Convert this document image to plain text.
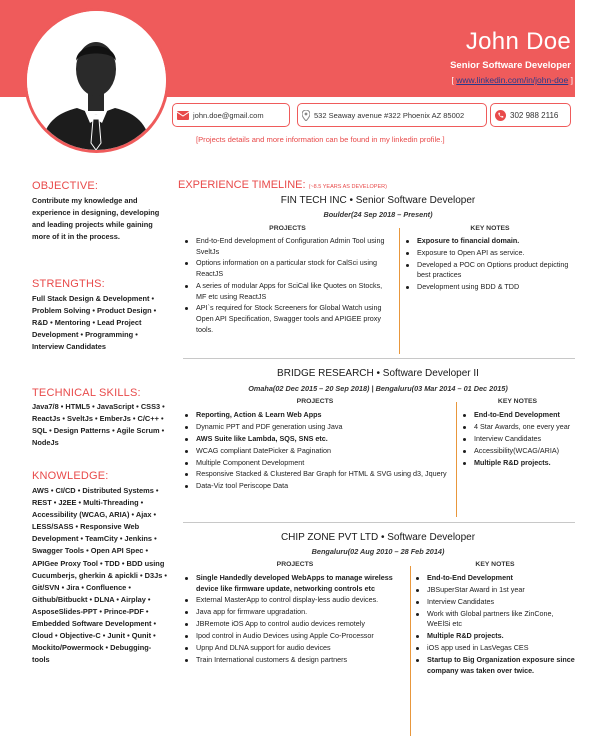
John Doe
Senior Software Developer
[ www.linkedin.com/in/john-doe ]
john.doe@gmail.com	532 Seaway avenue #322 Phoenix AZ 85002	302 988 2116
[Projects details and more information can be found in my linkedin profile.]
OBJECTIVE:
Contribute my knowledge and experience in designing, developing and leading projects while gaining more of it in the process.
STRENGTHS:
Full Stack Design & Development • Problem Solving • Product Design • R&D • Mentoring • Lead Project Development • Programming • Interview Candidates
TECHNICAL SKILLS:
Java7/8 • HTML5 • JavaScript • CSS3 • ReactJs • SveltJs • EmberJs • C/C++ • SQL • Design Patterns • Agile Scrum • NodeJs
KNOWLEDGE:
AWS • CI/CD • Distributed Systems • REST • J2EE • Multi-Threading • Accessibility (WCAG, ARIA) • Ajax • LESS/SASS • Responsive Web Development • TeamCity • Jenkins • Swagger Tools • Open API Spec • APIGee Proxy Tool • TDD • BDD using Cucumberjs, gherkin & apickli • D3Js • Git/SVN • Jira • Confluence • Github/Bitbuckt • DLNA • Airplay • AsposeSlides-PPT • Prince-PDF • Embedded Software Development • Cloud • Objective-C • Junit • Qunit • Mockito/Powermock • Debugging-tools
EXPERIENCE TIMELINE: (~8.5 YEARS AS DEVELOPER)
FIN TECH INC • Senior Software Developer
Boulder(24 Sep 2018 – Present)
PROJECTS	KEY NOTES
End-to-End development of Configuration Admin Tool using SveltJs
Options information on a particular stock for CalSci using ReactJS
A series of modular Apps for SciCal like Quotes on Stocks, MF etc using ReactJS
API`s required for Stock Screeners for Global Watch using Open API Specification, Swagger tools and APIGEE proxy tools.
Exposure to financial domain.
Exposure to Open API as service.
Developed a POC on Options product depicting best practices
Development using BDD & TDD
BRIDGE RESEARCH • Software Developer II
Omaha(02 Dec 2015 – 20 Sep 2018) | Bengaluru(03 Mar 2014 – 01 Dec 2015)
PROJECTS	KEY NOTES
Reporting, Action & Learn Web Apps
Dynamic PPT and PDF generation using Java
AWS Suite like Lambda, SQS, SNS etc.
WCAG compliant DatePicker & Pagination
Multiple Component Development
Responsive Stacked & Clustered Bar Graph for HTML & SVG using d3, Jquery
Data-Viz tool Periscope Data
End-to-End Development
4 Star Awards, one every year
Interview Candidates
Accessibility(WCAG/ARIA)
Multiple R&D projects.
CHIP ZONE PVT LTD • Software Developer
Bengaluru(02 Aug 2010 – 28 Feb 2014)
PROJECTS	KEY NOTES
Single Handedly developed WebApps to manage wireless device like firmware update, networking controls etc
External MasterApp to control display-less audio devices.
Java app for firmware upgradation.
JBRemote iOS App to control audio devices remotely
Ipod control in Audio Devices using Apple Co-Processor
Upnp And DLNA support for audio devices
Train International customers & design partners
End-to-End Development
JBSuperStar Award in 1st year
Interview Candidates
Work with Global partners like ZinCone, WeElSi etc
Multiple R&D projects.
iOS app used in LasVegas CES
Startup to Big Organization exposure since company was taken over twice.
